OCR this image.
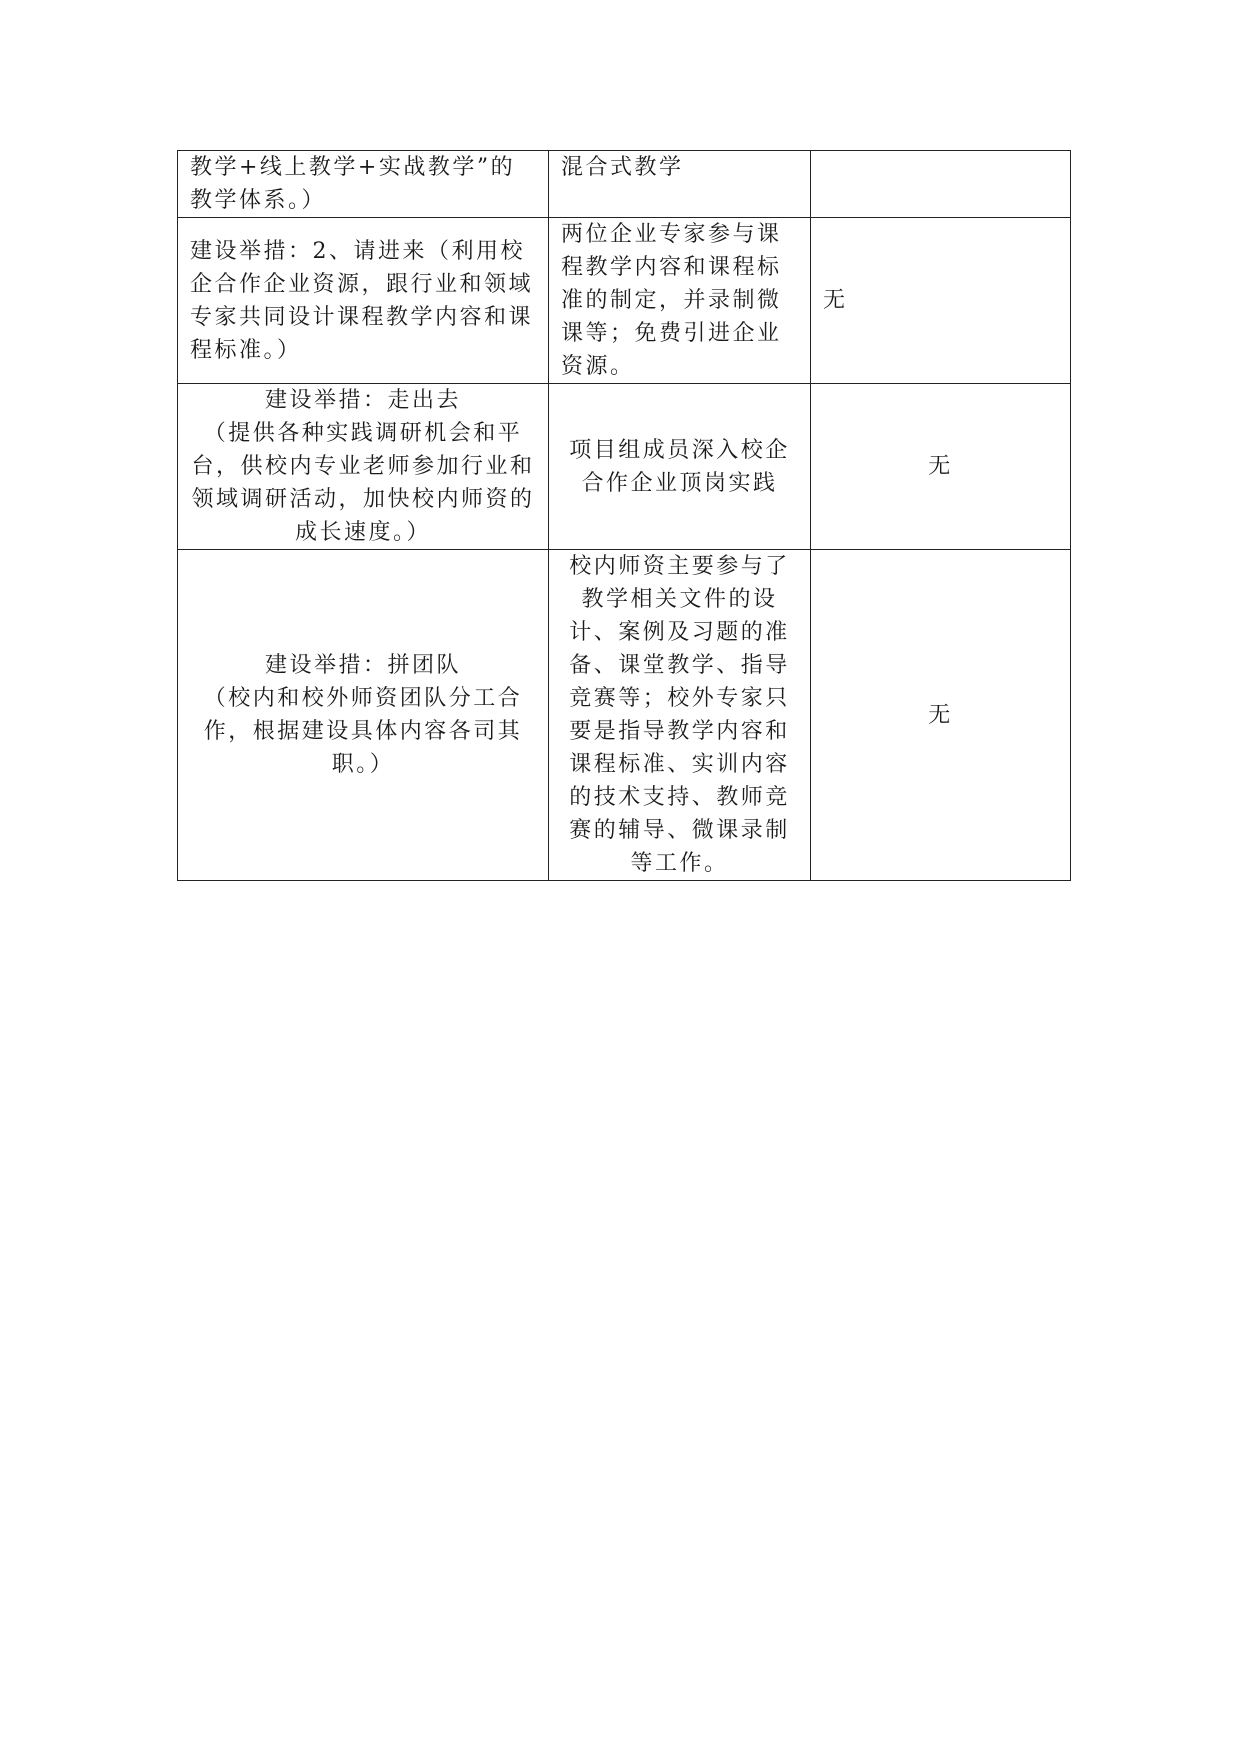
教学+线上教学+实战教学”的教学体系。）	混合式教学	
建设举措：2、请进来（利用校企合作企业资源，跟行业和领域专家共同设计课程教学内容和课程标准。）	两位企业专家参与课程教学内容和课程标准的制定，并录制微课等；免费引进企业资源。	无

建设举措：走出去
（提供各种实践调研机会和平台，供校内专业老师参加行业和领域调研活动，加快校内师资的成长速度。）	项目组成员深入校企合作企业顶岗实践	无

建设举措：拼团队
（校内和校外师资团队分工合作，根据建设具体内容各司其职。）	校内师资主要参与了教学相关文件的设计、案例及习题的准备、课堂教学、指导竞赛等；校外专家只要是指导教学内容和课程标准、实训内容的技术支持、教师竞赛的辅导、微课录制等工作。	无
